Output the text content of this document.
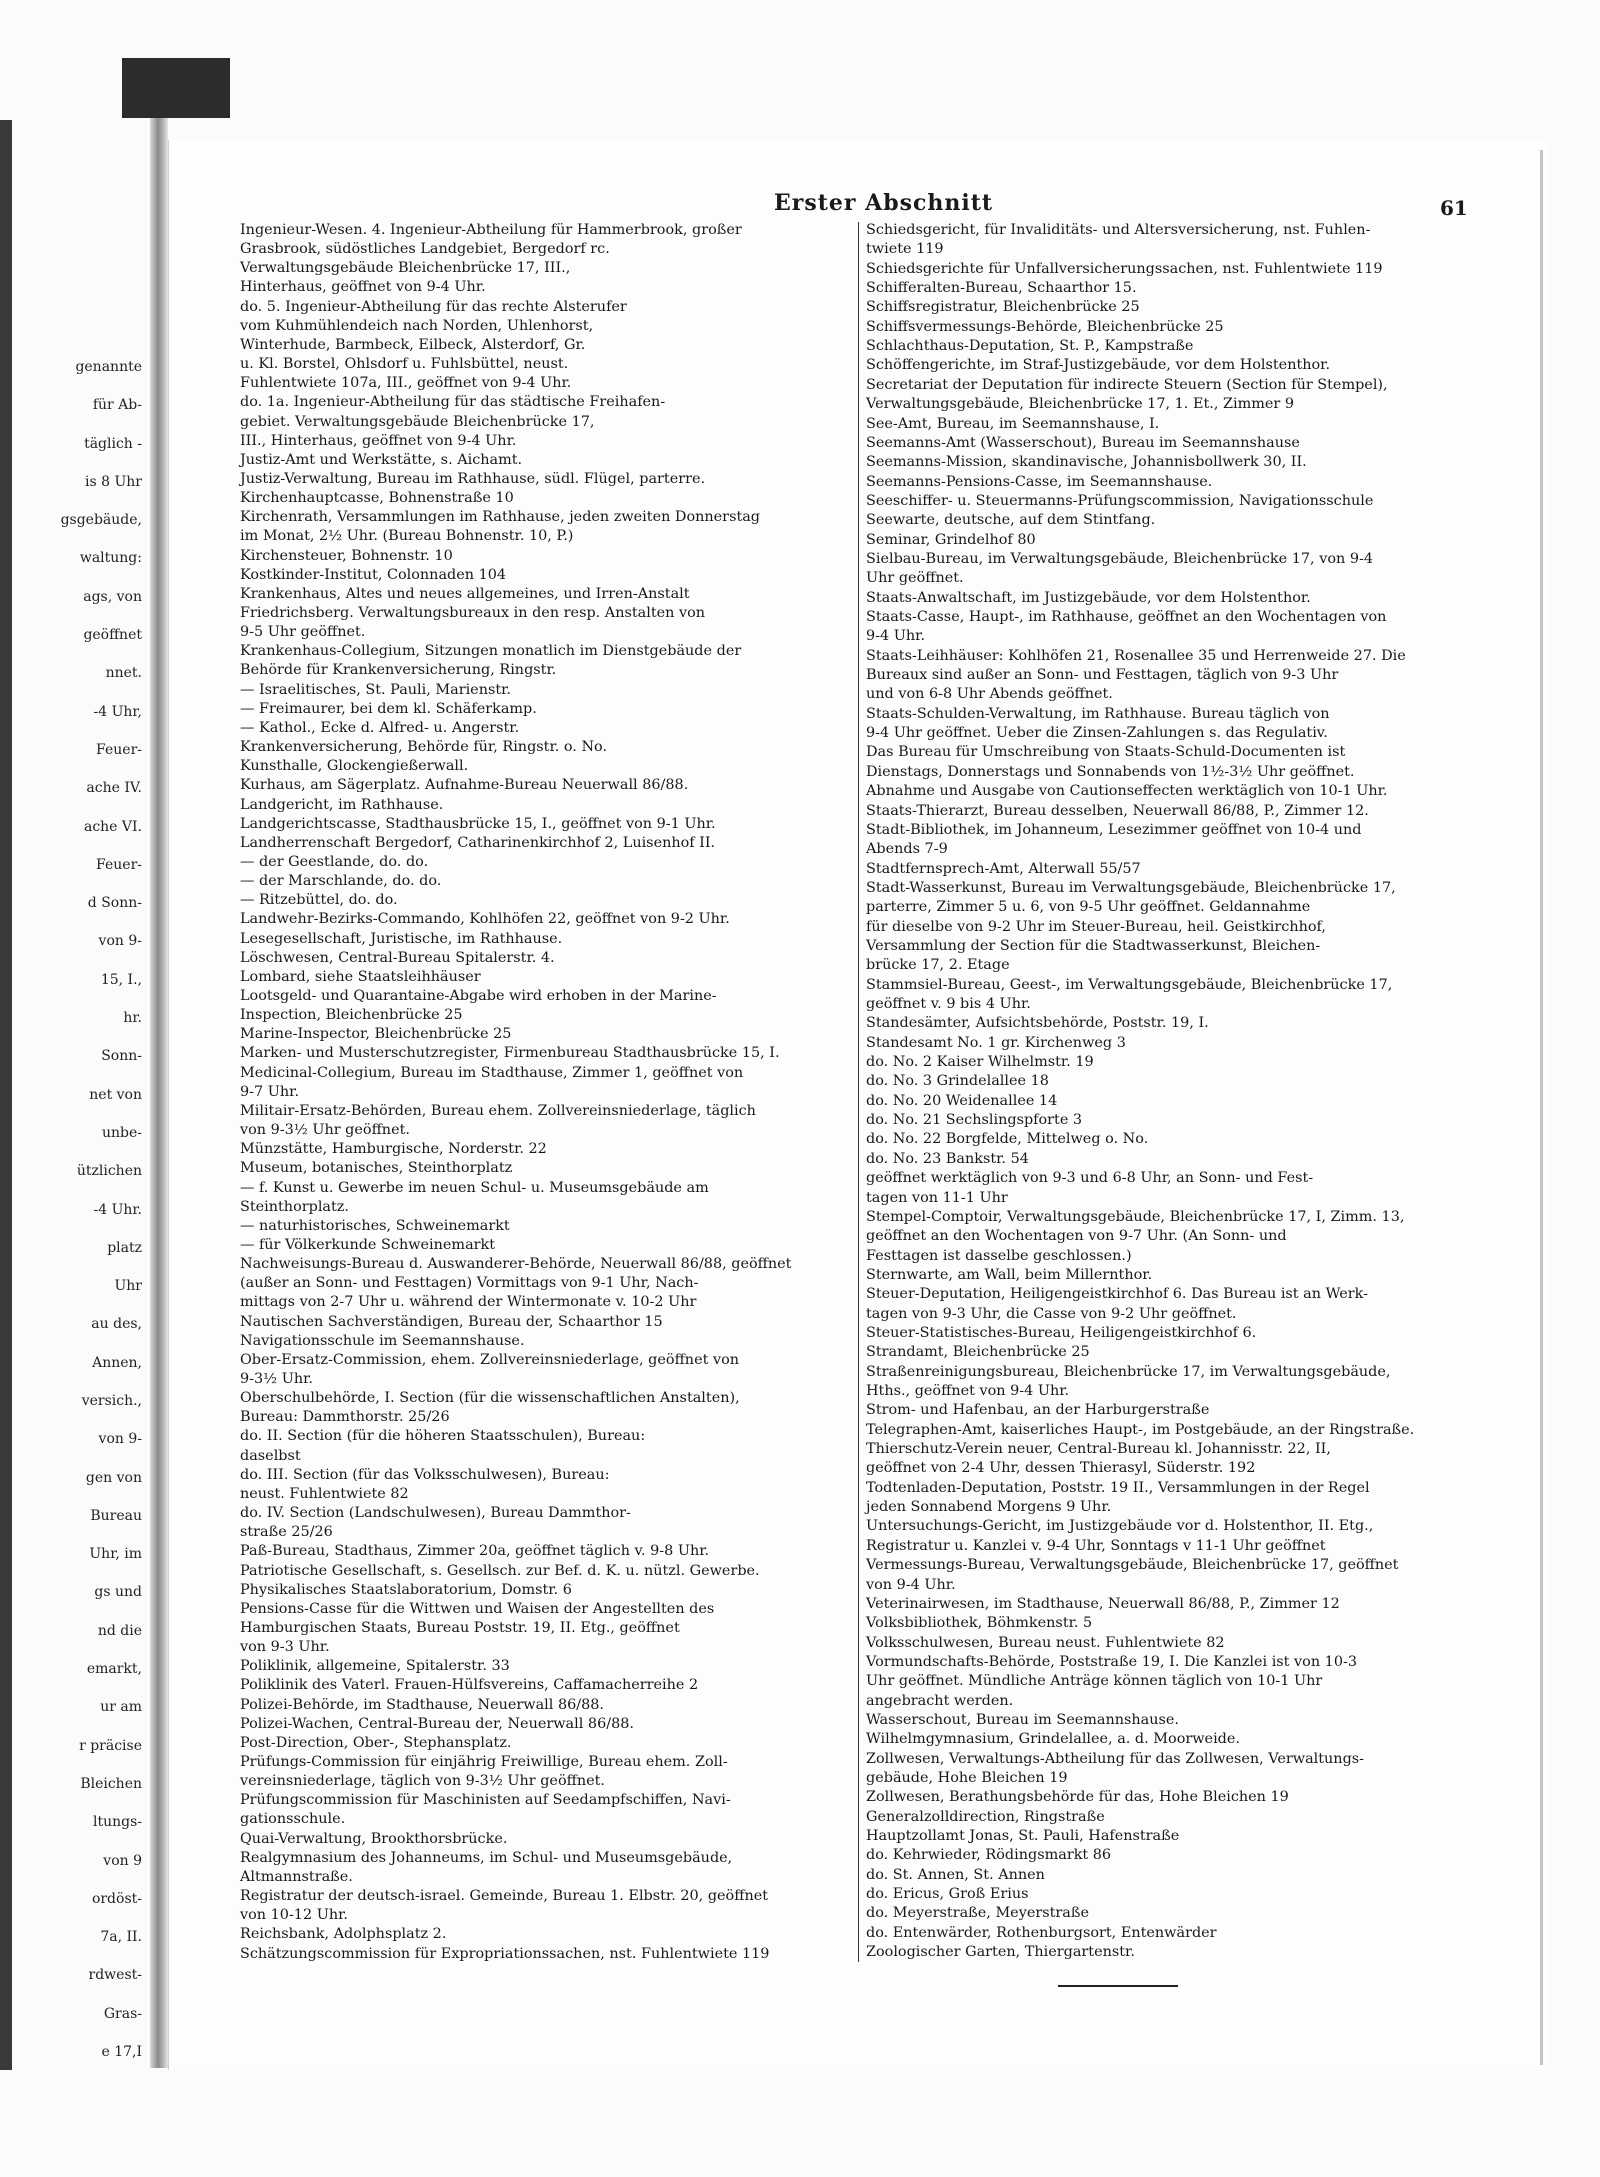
genannte
für Ab-
täglich -
is 8 Uhr
gsgebäude,
waltung:
ags, von
geöffnet
nnet.
-4 Uhr,
Feuer-
ache IV.
ache VI.
Feuer-
d Sonn-
von 9-
15, I.,
hr.
Sonn-
net von
unbe-
ützlichen
-4 Uhr.
platz
Uhr
au des,
Annen,
versich.,
von 9-
gen von
Bureau
Uhr, im
gs und
nd die
emarkt,
ur am
r präcise
Bleichen
ltungs-
von 9
ordöst-
7a, II.
rdwest-
Gras-
e 17,I
Erster Abschnitt	61
Ingenieur-Wesen. 4. Ingenieur-Abtheilung für Hammerbrook, großer
Grasbrook, südöstliches Landgebiet, Bergedorf rc.
Verwaltungsgebäude Bleichenbrücke 17, III.,
Hinterhaus, geöffnet von 9-4 Uhr.
do. 5. Ingenieur-Abtheilung für das rechte Alsterufer
vom Kuhmühlendeich nach Norden, Uhlenhorst,
Winterhude, Barmbeck, Eilbeck, Alsterdorf, Gr.
u. Kl. Borstel, Ohlsdorf u. Fuhlsbüttel, neust.
Fuhlentwiete 107a, III., geöffnet von 9-4 Uhr.
do. 1a. Ingenieur-Abtheilung für das städtische Freihafen-
gebiet. Verwaltungsgebäude Bleichenbrücke 17,
III., Hinterhaus, geöffnet von 9-4 Uhr.
Justiz-Amt und Werkstätte, s. Aichamt.
Justiz-Verwaltung, Bureau im Rathhause, südl. Flügel, parterre.
Kirchenhauptcasse, Bohnenstraße 10
Kirchenrath, Versammlungen im Rathhause, jeden zweiten Donnerstag
im Monat, 2½ Uhr. (Bureau Bohnenstr. 10, P.)
Kirchensteuer, Bohnenstr. 10
Kostkinder-Institut, Colonnaden 104
Krankenhaus, Altes und neues allgemeines, und Irren-Anstalt
Friedrichsberg. Verwaltungsbureaux in den resp. Anstalten von
9-5 Uhr geöffnet.
Krankenhaus-Collegium, Sitzungen monatlich im Dienstgebäude der
Behörde für Krankenversicherung, Ringstr.
— Israelitisches, St. Pauli, Marienstr.
— Freimaurer, bei dem kl. Schäferkamp.
— Kathol., Ecke d. Alfred- u. Angerstr.
Krankenversicherung, Behörde für, Ringstr. o. No.
Kunsthalle, Glockengießerwall.
Kurhaus, am Sägerplatz. Aufnahme-Bureau Neuerwall 86/88.
Landgericht, im Rathhause.
Landgerichtscasse, Stadthausbrücke 15, I., geöffnet von 9-1 Uhr.
Landherrenschaft Bergedorf, Catharinenkirchhof 2, Luisenhof II.
— der Geestlande, do. do.
— der Marschlande, do. do.
— Ritzebüttel, do. do.
Landwehr-Bezirks-Commando, Kohlhöfen 22, geöffnet von 9-2 Uhr.
Lesegesellschaft, Juristische, im Rathhause.
Löschwesen, Central-Bureau Spitalerstr. 4.
Lombard, siehe Staatsleihhäuser
Lootsgeld- und Quarantaine-Abgabe wird erhoben in der Marine-
Inspection, Bleichenbrücke 25
Marine-Inspector, Bleichenbrücke 25
Marken- und Musterschutzregister, Firmenbureau Stadthausbrücke 15, I.
Medicinal-Collegium, Bureau im Stadthause, Zimmer 1, geöffnet von
9-7 Uhr.
Militair-Ersatz-Behörden, Bureau ehem. Zollvereinsniederlage, täglich
von 9-3½ Uhr geöffnet.
Münzstätte, Hamburgische, Norderstr. 22
Museum, botanisches, Steinthorplatz
— f. Kunst u. Gewerbe im neuen Schul- u. Museumsgebäude am
Steinthorplatz.
— naturhistorisches, Schweinemarkt
— für Völkerkunde Schweinemarkt
Nachweisungs-Bureau d. Auswanderer-Behörde, Neuerwall 86/88, geöffnet
(außer an Sonn- und Festtagen) Vormittags von 9-1 Uhr, Nach-
mittags von 2-7 Uhr u. während der Wintermonate v. 10-2 Uhr
Nautischen Sachverständigen, Bureau der, Schaarthor 15
Navigationsschule im Seemannshause.
Ober-Ersatz-Commission, ehem. Zollvereinsniederlage, geöffnet von
9-3½ Uhr.
Oberschulbehörde, I. Section (für die wissenschaftlichen Anstalten),
Bureau: Dammthorstr. 25/26
do. II. Section (für die höheren Staatsschulen), Bureau:
daselbst
do. III. Section (für das Volksschulwesen), Bureau:
neust. Fuhlentwiete 82
do. IV. Section (Landschulwesen), Bureau Dammthor-
straße 25/26
Paß-Bureau, Stadthaus, Zimmer 20a, geöffnet täglich v. 9-8 Uhr.
Patriotische Gesellschaft, s. Gesellsch. zur Bef. d. K. u. nützl. Gewerbe.
Physikalisches Staatslaboratorium, Domstr. 6
Pensions-Casse für die Wittwen und Waisen der Angestellten des
Hamburgischen Staats, Bureau Poststr. 19, II. Etg., geöffnet
von 9-3 Uhr.
Poliklinik, allgemeine, Spitalerstr. 33
Poliklinik des Vaterl. Frauen-Hülfsvereins, Caffamacherreihe 2
Polizei-Behörde, im Stadthause, Neuerwall 86/88.
Polizei-Wachen, Central-Bureau der, Neuerwall 86/88.
Post-Direction, Ober-, Stephansplatz.
Prüfungs-Commission für einjährig Freiwillige, Bureau ehem. Zoll-
vereinsniederlage, täglich von 9-3½ Uhr geöffnet.
Prüfungscommission für Maschinisten auf Seedampfschiffen, Navi-
gationsschule.
Quai-Verwaltung, Brookthorsbrücke.
Realgymnasium des Johanneums, im Schul- und Museumsgebäude,
Altmannstraße.
Registratur der deutsch-israel. Gemeinde, Bureau 1. Elbstr. 20, geöffnet
von 10-12 Uhr.
Reichsbank, Adolphsplatz 2.
Schätzungscommission für Expropriationssachen, nst. Fuhlentwiete 119
Schiedsgericht, für Invaliditäts- und Altersversicherung, nst. Fuhlen-
twiete 119
Schiedsgerichte für Unfallversicherungssachen, nst. Fuhlentwiete 119
Schifferalten-Bureau, Schaarthor 15.
Schiffsregistratur, Bleichenbrücke 25
Schiffsvermessungs-Behörde, Bleichenbrücke 25
Schlachthaus-Deputation, St. P., Kampstraße
Schöffengerichte, im Straf-Justizgebäude, vor dem Holstenthor.
Secretariat der Deputation für indirecte Steuern (Section für Stempel),
Verwaltungsgebäude, Bleichenbrücke 17, 1. Et., Zimmer 9
See-Amt, Bureau, im Seemannshause, I.
Seemanns-Amt (Wasserschout), Bureau im Seemannshause
Seemanns-Mission, skandinavische, Johannisbollwerk 30, II.
Seemanns-Pensions-Casse, im Seemannshause.
Seeschiffer- u. Steuermanns-Prüfungscommission, Navigationsschule
Seewarte, deutsche, auf dem Stintfang.
Seminar, Grindelhof 80
Sielbau-Bureau, im Verwaltungsgebäude, Bleichenbrücke 17, von 9-4
Uhr geöffnet.
Staats-Anwaltschaft, im Justizgebäude, vor dem Holstenthor.
Staats-Casse, Haupt-, im Rathhause, geöffnet an den Wochentagen von
9-4 Uhr.
Staats-Leihhäuser: Kohlhöfen 21, Rosenallee 35 und Herrenweide 27. Die
Bureaux sind außer an Sonn- und Festtagen, täglich von 9-3 Uhr
und von 6-8 Uhr Abends geöffnet.
Staats-Schulden-Verwaltung, im Rathhause. Bureau täglich von
9-4 Uhr geöffnet. Ueber die Zinsen-Zahlungen s. das Regulativ.
Das Bureau für Umschreibung von Staats-Schuld-Documenten ist
Dienstags, Donnerstags und Sonnabends von 1½-3½ Uhr geöffnet.
Abnahme und Ausgabe von Cautionseffecten werktäglich von 10-1 Uhr.
Staats-Thierarzt, Bureau desselben, Neuerwall 86/88, P., Zimmer 12.
Stadt-Bibliothek, im Johanneum, Lesezimmer geöffnet von 10-4 und
Abends 7-9
Stadtfernsprech-Amt, Alterwall 55/57
Stadt-Wasserkunst, Bureau im Verwaltungsgebäude, Bleichenbrücke 17,
parterre, Zimmer 5 u. 6, von 9-5 Uhr geöffnet. Geldannahme
für dieselbe von 9-2 Uhr im Steuer-Bureau, heil. Geistkirchhof,
Versammlung der Section für die Stadtwasserkunst, Bleichen-
brücke 17, 2. Etage
Stammsiel-Bureau, Geest-, im Verwaltungsgebäude, Bleichenbrücke 17,
geöffnet v. 9 bis 4 Uhr.
Standesämter, Aufsichtsbehörde, Poststr. 19, I.
Standesamt No. 1 gr. Kirchenweg 3
do. No. 2 Kaiser Wilhelmstr. 19
do. No. 3 Grindelallee 18
do. No. 20 Weidenallee 14
do. No. 21 Sechslingspforte 3
do. No. 22 Borgfelde, Mittelweg o. No.
do. No. 23 Bankstr. 54
geöffnet werktäglich von 9-3 und 6-8 Uhr, an Sonn- und Fest-
tagen von 11-1 Uhr
Stempel-Comptoir, Verwaltungsgebäude, Bleichenbrücke 17, I, Zimm. 13,
geöffnet an den Wochentagen von 9-7 Uhr. (An Sonn- und
Festtagen ist dasselbe geschlossen.)
Sternwarte, am Wall, beim Millernthor.
Steuer-Deputation, Heiligengeistkirchhof 6. Das Bureau ist an Werk-
tagen von 9-3 Uhr, die Casse von 9-2 Uhr geöffnet.
Steuer-Statistisches-Bureau, Heiligengeistkirchhof 6.
Strandamt, Bleichenbrücke 25
Straßenreinigungsbureau, Bleichenbrücke 17, im Verwaltungsgebäude,
Hths., geöffnet von 9-4 Uhr.
Strom- und Hafenbau, an der Harburgerstraße
Telegraphen-Amt, kaiserliches Haupt-, im Postgebäude, an der Ringstraße.
Thierschutz-Verein neuer, Central-Bureau kl. Johannisstr. 22, II,
geöffnet von 2-4 Uhr, dessen Thierasyl, Süderstr. 192
Todtenladen-Deputation, Poststr. 19 II., Versammlungen in der Regel
jeden Sonnabend Morgens 9 Uhr.
Untersuchungs-Gericht, im Justizgebäude vor d. Holstenthor, II. Etg.,
Registratur u. Kanzlei v. 9-4 Uhr, Sonntags v 11-1 Uhr geöffnet
Vermessungs-Bureau, Verwaltungsgebäude, Bleichenbrücke 17, geöffnet
von 9-4 Uhr.
Veterinairwesen, im Stadthause, Neuerwall 86/88, P., Zimmer 12
Volksbibliothek, Böhmkenstr. 5
Volksschulwesen, Bureau neust. Fuhlentwiete 82
Vormundschafts-Behörde, Poststraße 19, I. Die Kanzlei ist von 10-3
Uhr geöffnet. Mündliche Anträge können täglich von 10-1 Uhr
angebracht werden.
Wasserschout, Bureau im Seemannshause.
Wilhelmgymnasium, Grindelallee, a. d. Moorweide.
Zollwesen, Verwaltungs-Abtheilung für das Zollwesen, Verwaltungs-
gebäude, Hohe Bleichen 19
Zollwesen, Berathungsbehörde für das, Hohe Bleichen 19
Generalzolldirection, Ringstraße
Hauptzollamt Jonas, St. Pauli, Hafenstraße
do. Kehrwieder, Rödingsmarkt 86
do. St. Annen, St. Annen
do. Ericus, Groß Erius
do. Meyerstraße, Meyerstraße
do. Entenwärder, Rothenburgsort, Entenwärder
Zoologischer Garten, Thiergartenstr.
